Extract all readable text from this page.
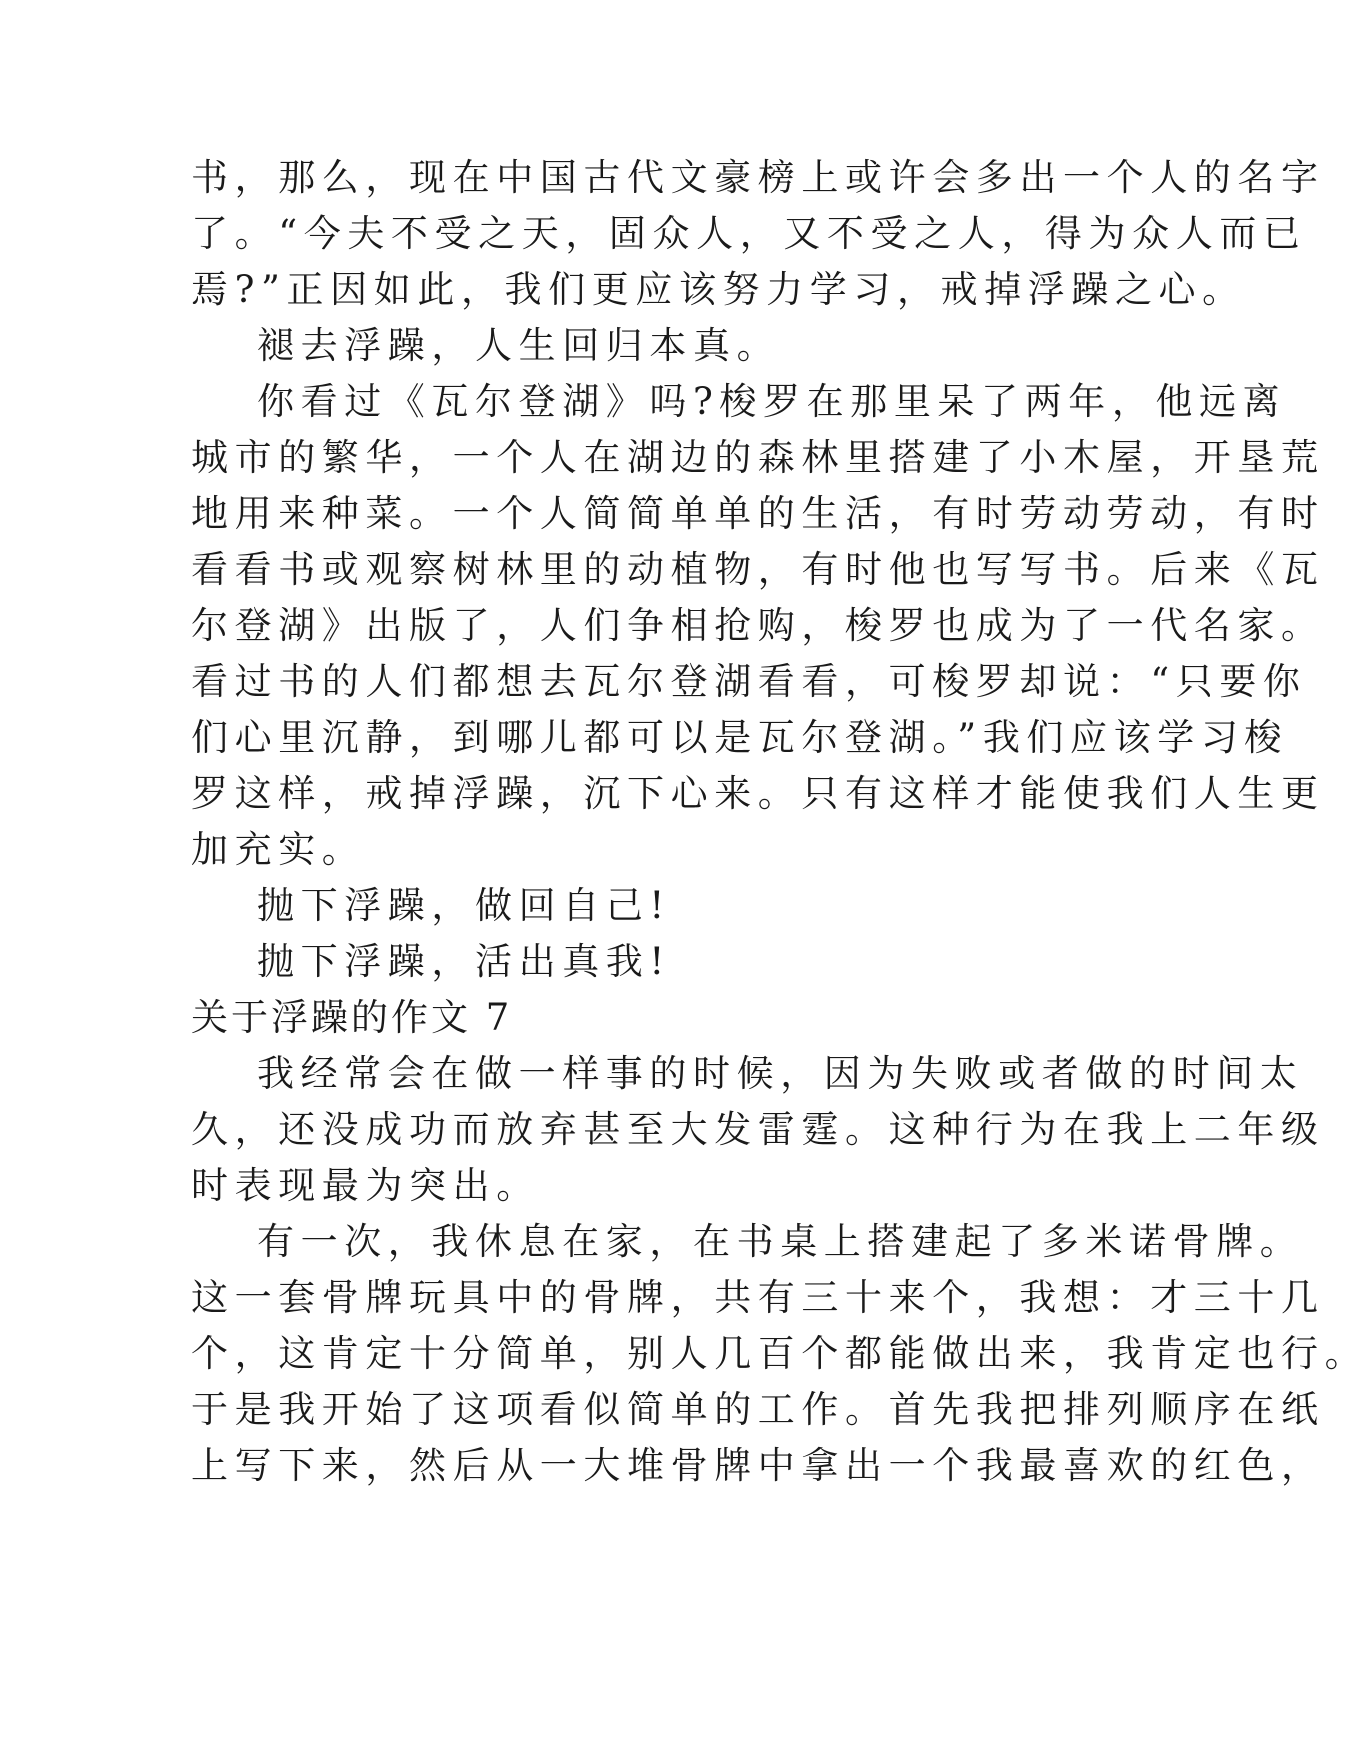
书，那么，现在中国古代文豪榜上或许会多出一个人的名字
了。“今夫不受之天，固众人，又不受之人，得为众人而已
焉?”正因如此，我们更应该努力学习，戒掉浮躁之心。
褪去浮躁，人生回归本真。
你看过《瓦尔登湖》吗?梭罗在那里呆了两年，他远离
城市的繁华，一个人在湖边的森林里搭建了小木屋，开垦荒
地用来种菜。一个人简简单单的生活，有时劳动劳动，有时
看看书或观察树林里的动植物，有时他也写写书。后来《瓦
尔登湖》出版了，人们争相抢购，梭罗也成为了一代名家。
看过书的人们都想去瓦尔登湖看看，可梭罗却说：“只要你
们心里沉静，到哪儿都可以是瓦尔登湖。”我们应该学习梭
罗这样，戒掉浮躁，沉下心来。只有这样才能使我们人生更
加充实。
抛下浮躁，做回自己!
抛下浮躁，活出真我!
关于浮躁的作文 7
我经常会在做一样事的时候，因为失败或者做的时间太
久，还没成功而放弃甚至大发雷霆。这种行为在我上二年级
时表现最为突出。
有一次，我休息在家，在书桌上搭建起了多米诺骨牌。
这一套骨牌玩具中的骨牌，共有三十来个，我想：才三十几
个，这肯定十分简单，别人几百个都能做出来，我肯定也行。
于是我开始了这项看似简单的工作。首先我把排列顺序在纸
上写下来，然后从一大堆骨牌中拿出一个我最喜欢的红色，
